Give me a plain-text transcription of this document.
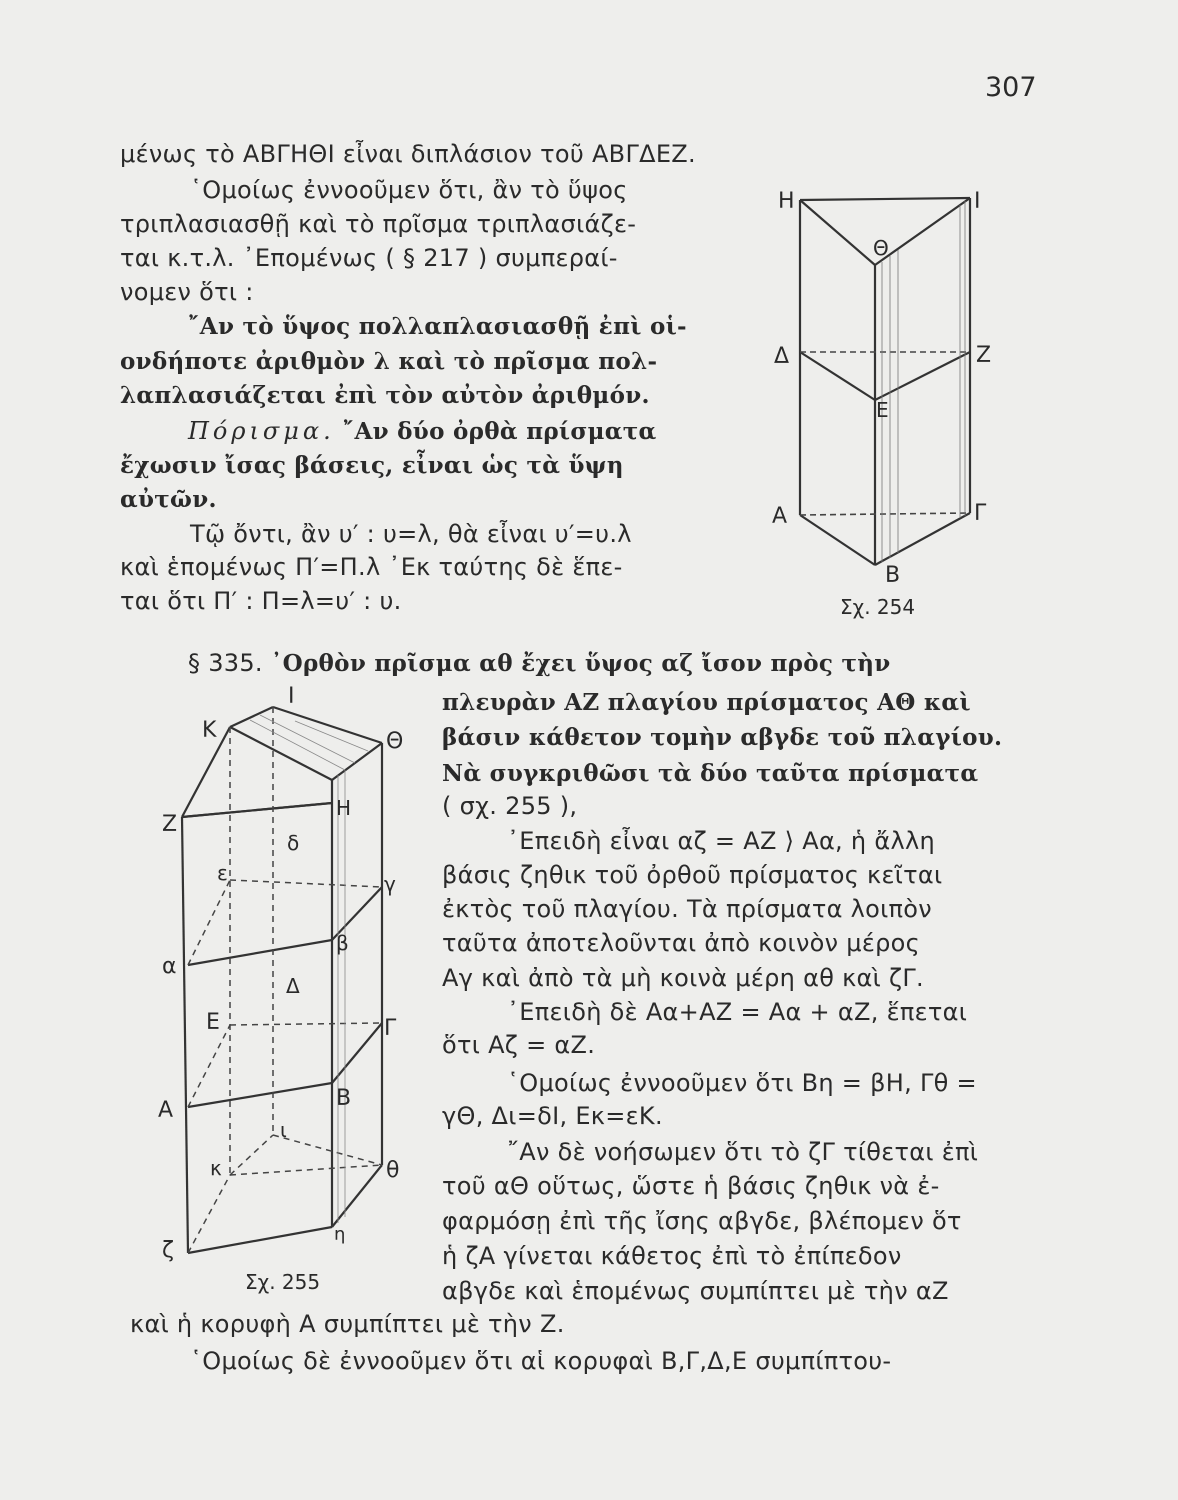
307
μένως τὸ ΑΒΓΗΘΙ εἶναι διπλάσιον τοῦ ΑΒΓΔΕΖ.
῾Ομοίως ἐννοοῦμεν ὅτι, ἂν τὸ ὕψος
τριπλασιασθῇ καὶ τὸ πρῖσμα τριπλασιάζε-
ται κ.τ.λ. ᾿Επομένως ( § 217 ) συμπεραί-
νομεν ὅτι :
῎Αν τὸ ὕψος πολλαπλασιασθῇ ἐπὶ οἱ-
ονδήποτε ἀριθμὸν λ καὶ τὸ πρῖσμα πολ-
λαπλασιάζεται ἐπὶ τὸν αὐτὸν ἀριθμόν.
Πόρισμα. ῎Αν δύο ὀρθὰ πρίσματα
ἔχωσιν ἴσας βάσεις, εἶναι ὡς τὰ ὕψη
αὐτῶν.
Τῷ ὄντι, ἂν υ′ : υ=λ, θὰ εἶναι υ′=υ.λ
καὶ ἑπομένως Π′=Π.λ ᾿Εκ ταύτης δὲ ἕπε-
ται ὅτι Π′ : Π=λ=υ′ : υ.
Η	Ι
Θ
Δ	Ζ
Ε
Α	Γ
Β
Σχ. 254
§ 335. ᾿Ορθὸν πρῖσμα αθ ἔχει ὕψος αζ ἴσον πρὸς τὴν
πλευρὰν ΑΖ πλαγίου πρίσματος ΑΘ καὶ
βάσιν κάθετον τομὴν αβγδε τοῦ πλαγίου.
Νὰ συγκριθῶσι τὰ δύο ταῦτα πρίσματα
( σχ. 255 ),
᾿Επειδὴ εἶναι αζ = ΑΖ ⟩ Αα, ἡ ἄλλη
βάσις ζηθικ τοῦ ὀρθοῦ πρίσματος κεῖται
ἐκτὸς τοῦ πλαγίου. Τὰ πρίσματα λοιπὸν
ταῦτα ἀποτελοῦνται ἀπὸ κοινὸν μέρος
Αγ καὶ ἀπὸ τὰ μὴ κοινὰ μέρη αθ καὶ ζΓ.
᾿Επειδὴ δὲ Αα+ΑΖ = Αα + αΖ, ἕπεται
ὅτι Αζ = αΖ.
῾Ομοίως ἐννοοῦμεν ὅτι Βη = βΗ, Γθ =
γΘ, Δι=δΙ, Εκ=εΚ.
῎Αν δὲ νοήσωμεν ὅτι τὸ ζΓ τίθεται ἐπὶ
τοῦ αΘ οὕτως, ὥστε ἡ βάσις ζηθικ νὰ ἐ-
φαρμόσῃ ἐπὶ τῆς ἴσης αβγδε, βλέπομεν ὅτ
ἡ ζΑ γίνεται κάθετος ἐπὶ τὸ ἐπίπεδον
αβγδε καὶ ἑπομένως συμπίπτει μὲ τὴν αΖ
Ι
Κ	Θ
Η
Ζ
δ
ε	γ
β
α
Δ
Ε	Γ
Β
Α
ι
κ	θ
ζ
η
Σχ. 255
καὶ ἡ κορυφὴ Α συμπίπτει μὲ τὴν Ζ.
῾Ομοίως δὲ ἐννοοῦμεν ὅτι αἱ κορυφαὶ Β,Γ,Δ,Ε συμπίπτου-
